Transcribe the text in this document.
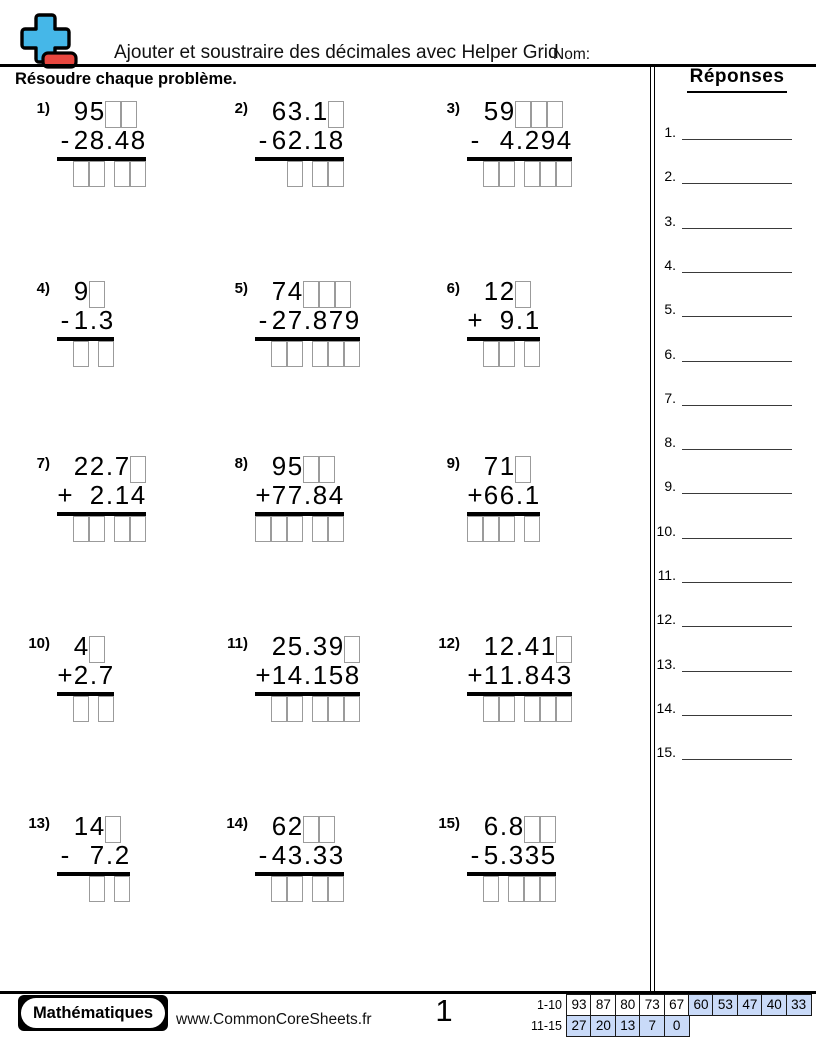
Ajouter et soustraire des décimales avec Helper Grid
Nom:
Résoudre chaque problème.
1) 9 5
- 2 8 . 4 8
2) 6 3 . 1
- 6 2 . 1 8
3) 5 9
- 4 . 2 9 4
4) 9
- 1 . 3
5) 7 4
- 2 7 . 8 7 9
6) 1 2
+ 9 . 1
7) 2 2 . 7
+ 2 . 1 4
8) 9 5
+ 7 7 . 8 4
9) 7 1
+ 6 6 . 1
10) 4
+ 2 . 7
11) 2 5 . 3 9
+ 1 4 . 1 5 8
12) 1 2 . 4 1
+ 1 1 . 8 4 3
13) 1 4
- 7 . 2
14) 6 2
- 4 3 . 3 3
15) 6 . 8
- 5 . 3 3 5
Réponses
1.
2.
3.
4.
5.
6.
7.
8.
9.
10.
11.
12.
13.
14.
15.
Mathématiques	www.CommonCoreSheets.fr	1	1-10 93 87 80 73 67 60 53 47 40 33
11-15 27 20 13 7	0
